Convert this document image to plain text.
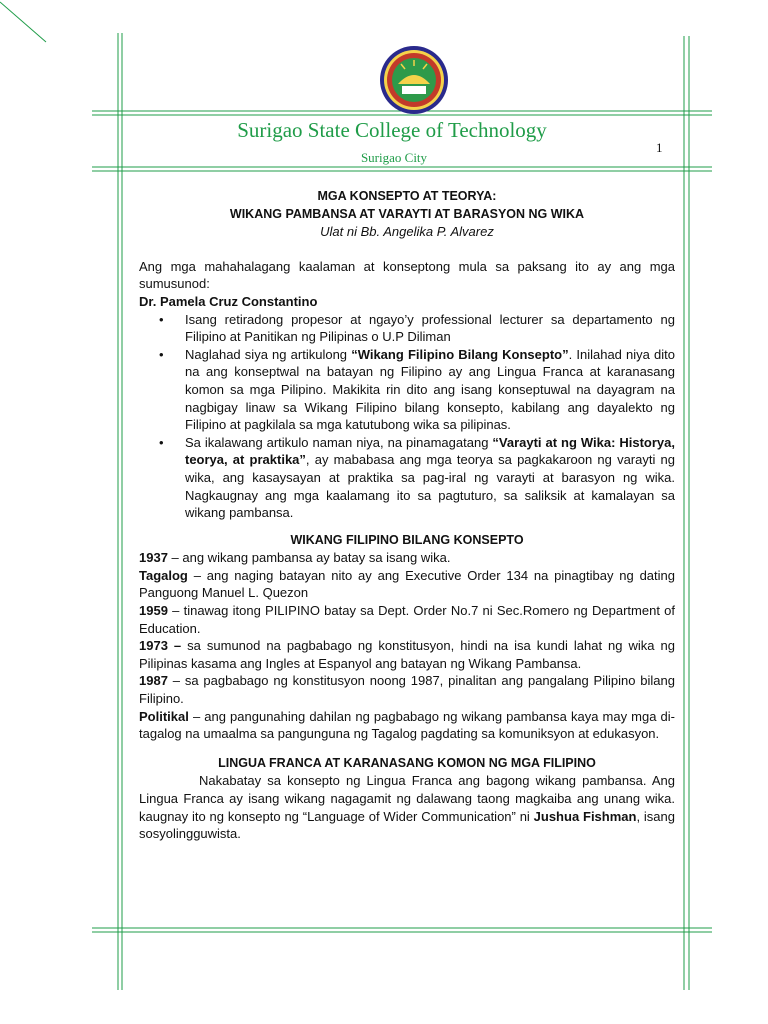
Surigao State College of Technology
Surigao City
1
MGA KONSEPTO AT TEORYA:
WIKANG PAMBANSA AT VARAYTI AT BARASYON NG WIKA
Ulat ni Bb. Angelika P. Alvarez

Ang mga mahahalagang kaalaman at konseptong mula sa paksang ito ay ang mga sumusunod:

Dr. Pamela Cruz Constantino
• Isang retiradong propesor at ngayo’y professional lecturer sa departamento ng Filipino at Panitikan ng Pilipinas o U.P Diliman
• Naglahad siya ng artikulong “Wikang Filipino Bilang Konsepto”. Inilahad niya dito na ang konseptwal na batayan ng Filipino ay ang Lingua Franca at karanasang komon sa mga Pilipino. Makikita rin dito ang isang konseptuwal na dayagram na nagbigay linaw sa Wikang Filipino bilang konsepto, kabilang ang dayalekto ng Filipino at pagkilala sa mga katutubong wika sa pilipinas.
• Sa ikalawang artikulo naman niya, na pinamagatang “Varayti at ng Wika: Historya, teorya, at praktika”, ay mababasa ang mga teorya sa pagkakaroon ng varayti ng wika, ang kasaysayan at praktika sa pag-iral ng varayti at barasyon ng wika. Nagkaugnay ang mga kaalamang ito sa pagtuturo, sa saliksik at kamalayan sa wikang pambansa.
WIKANG FILIPINO BILANG KONSEPTO

1937 – ang wikang pambansa ay batay sa isang wika.

Tagalog – ang naging batayan nito ay ang Executive Order 134 na pinagtibay ng dating Panguong Manuel L. Quezon

1959 – tinawag itong PILIPINO batay sa Dept. Order No.7 ni Sec.Romero ng Department of Education.

1973 – sa sumunod na pagbabago ng konstitusyon, hindi na isa kundi lahat ng wika ng Pilipinas kasama ang Ingles at Espanyol ang batayan ng Wikang Pambansa.

1987 – sa pagbabago ng konstitusyon noong 1987, pinalitan ang pangalang Pilipino bilang Filipino.

Politikal – ang pangunahing dahilan ng pagbabago ng wikang pambansa kaya may mga di-tagalog na umaalma sa pangunguna ng Tagalog pagdating sa komuniksyon at edukasyon.

LINGUA FRANCA AT KARANASANG KOMON NG MGA FILIPINO

Nakabatay sa konsepto ng Lingua Franca ang bagong wikang pambansa. Ang Lingua Franca ay isang wikang nagagamit ng dalawang taong magkaiba ang unang wika. kaugnay ito ng konsepto ng “Language of Wider Communication” ni Jushua Fishman, isang sosyolingguwista.
